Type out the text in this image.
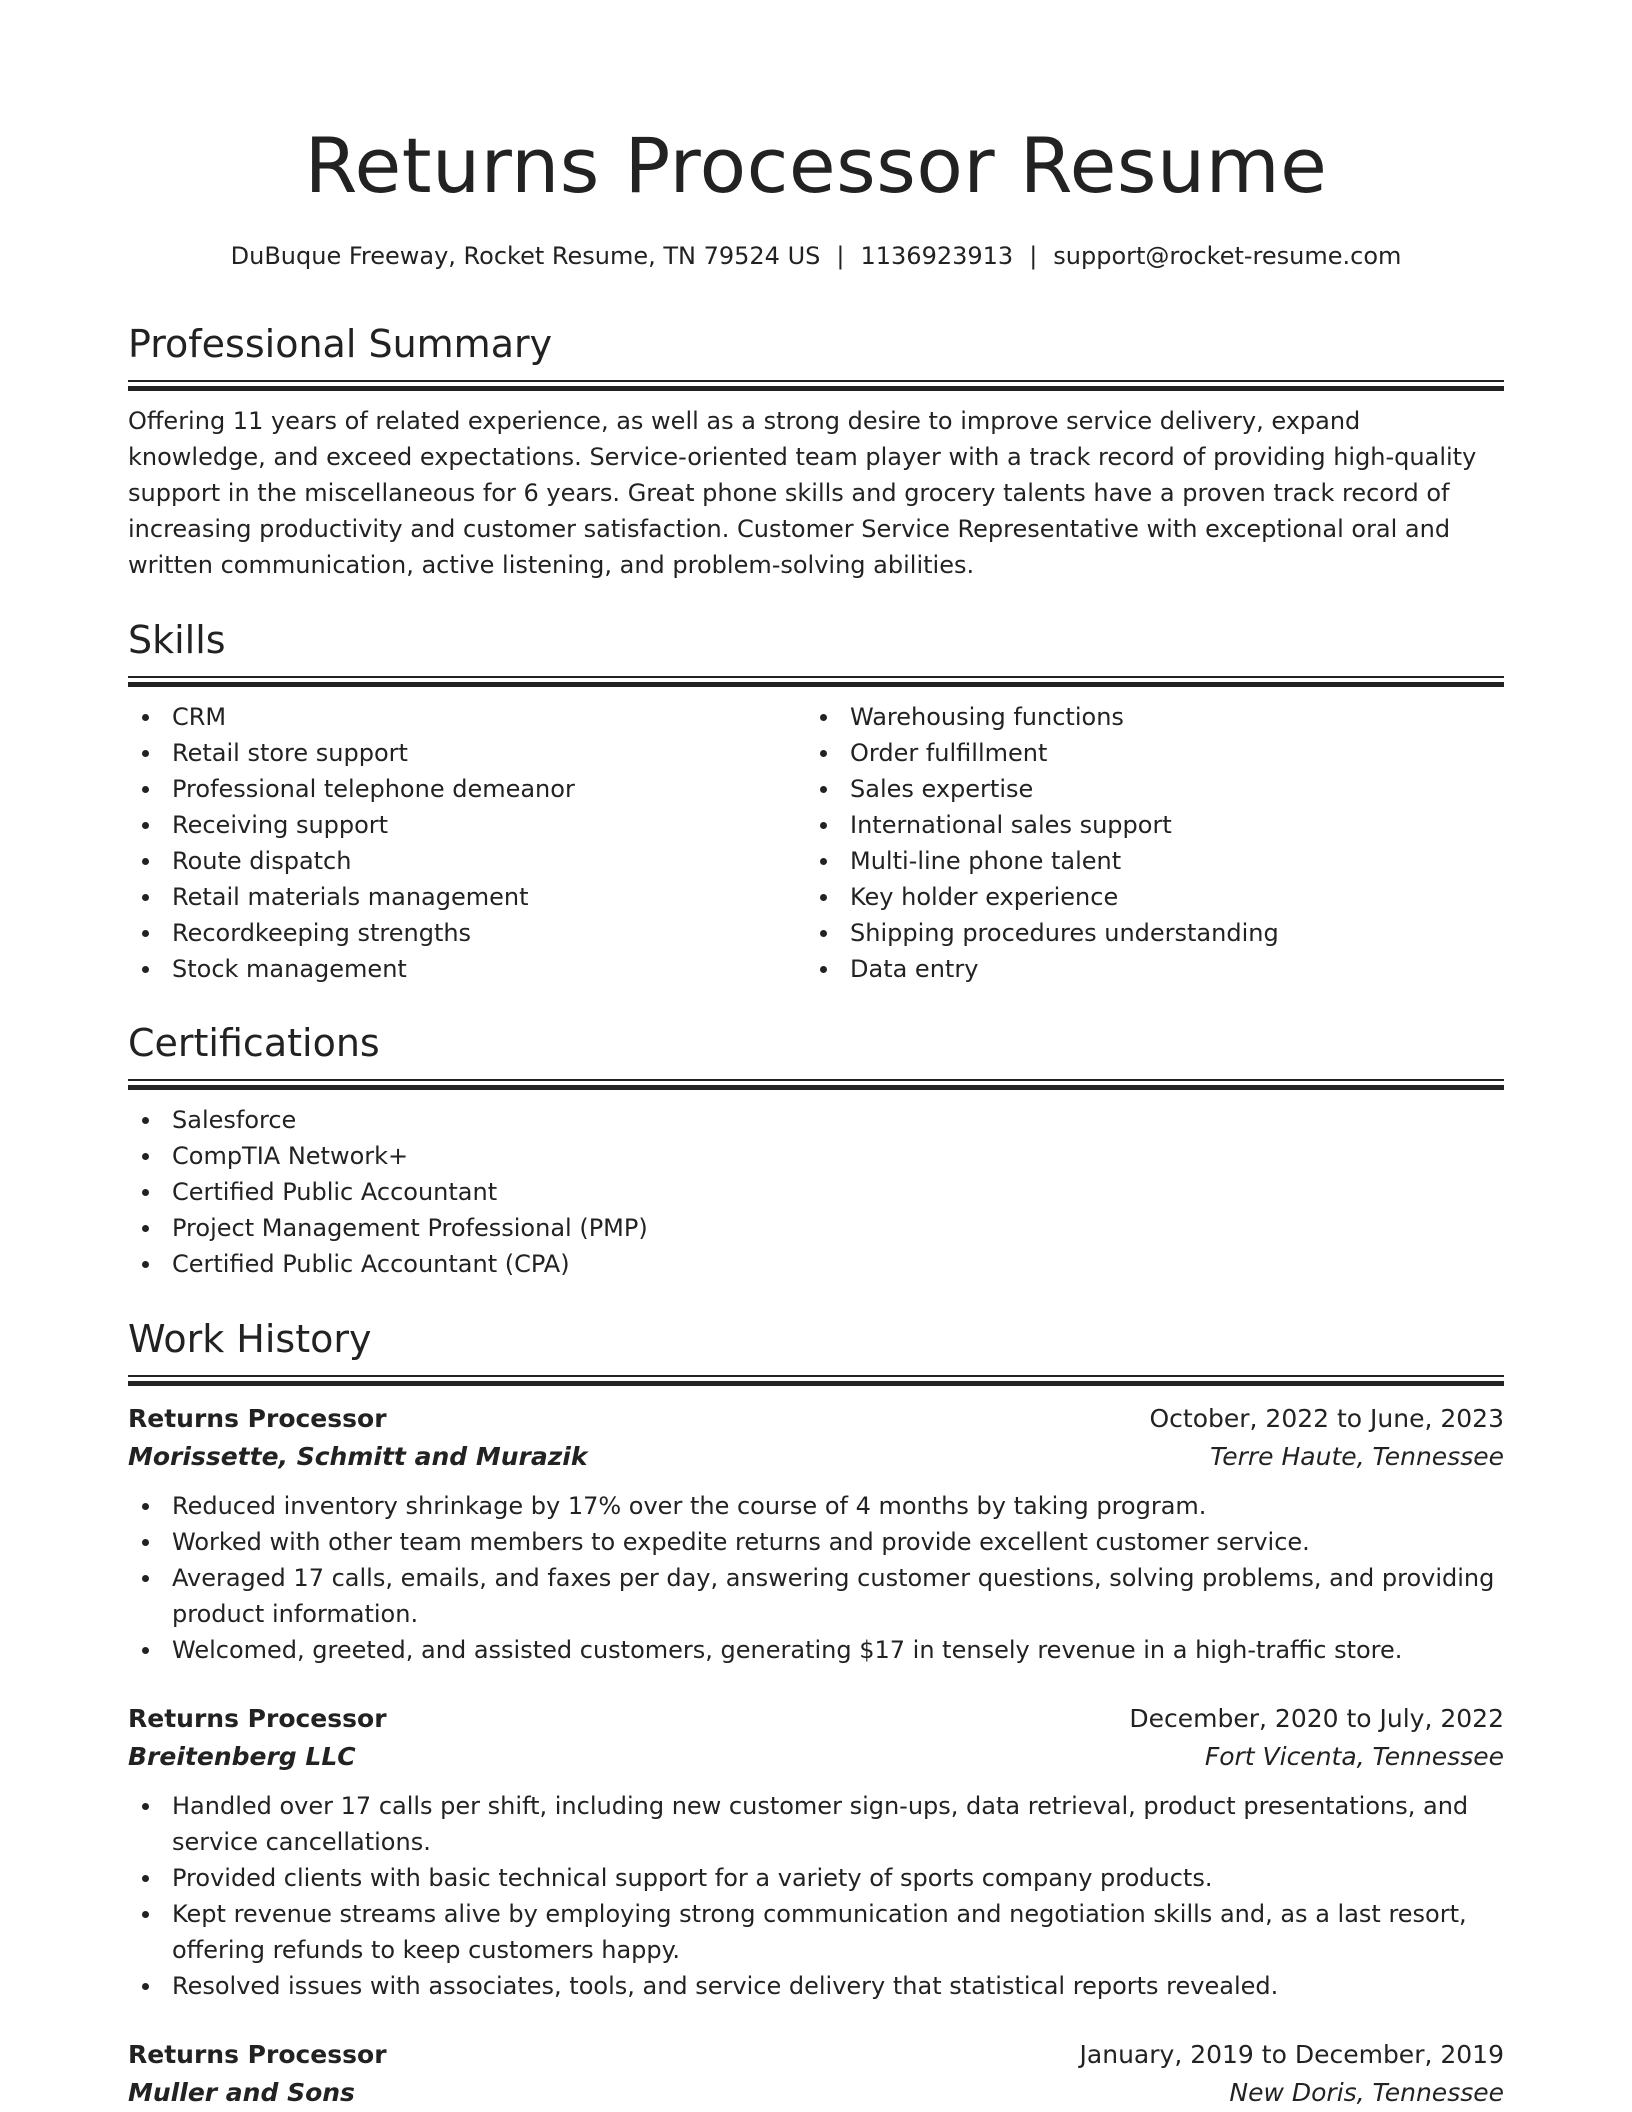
Returns Processor Resume
DuBuque Freeway, Rocket Resume, TN 79524 US | 1136923913 | support@rocket-resume.com
Professional Summary
Offering 11 years of related experience, as well as a strong desire to improve service delivery, expand knowledge, and exceed expectations. Service-oriented team player with a track record of providing high-quality support in the miscellaneous for 6 years. Great phone skills and grocery talents have a proven track record of increasing productivity and customer satisfaction. Customer Service Representative with exceptional oral and written communication, active listening, and problem-solving abilities.
Skills
CRM
Retail store support
Professional telephone demeanor
Receiving support
Route dispatch
Retail materials management
Recordkeeping strengths
Stock management
Warehousing functions
Order fulfillment
Sales expertise
International sales support
Multi-line phone talent
Key holder experience
Shipping procedures understanding
Data entry
Certifications
Salesforce
CompTIA Network+
Certified Public Accountant
Project Management Professional (PMP)
Certified Public Accountant (CPA)
Work History
Returns Processor	October, 2022 to June, 2023
Morissette, Schmitt and Murazik	Terre Haute, Tennessee
Reduced inventory shrinkage by 17% over the course of 4 months by taking program.
Worked with other team members to expedite returns and provide excellent customer service.
Averaged 17 calls, emails, and faxes per day, answering customer questions, solving problems, and providing product information.
Welcomed, greeted, and assisted customers, generating $17 in tensely revenue in a high-traffic store.
Returns Processor	December, 2020 to July, 2022
Breitenberg LLC	Fort Vicenta, Tennessee
Handled over 17 calls per shift, including new customer sign-ups, data retrieval, product presentations, and service cancellations.
Provided clients with basic technical support for a variety of sports company products.
Kept revenue streams alive by employing strong communication and negotiation skills and, as a last resort, offering refunds to keep customers happy.
Resolved issues with associates, tools, and service delivery that statistical reports revealed.
Returns Processor	January, 2019 to December, 2019
Muller and Sons	New Doris, Tennessee
